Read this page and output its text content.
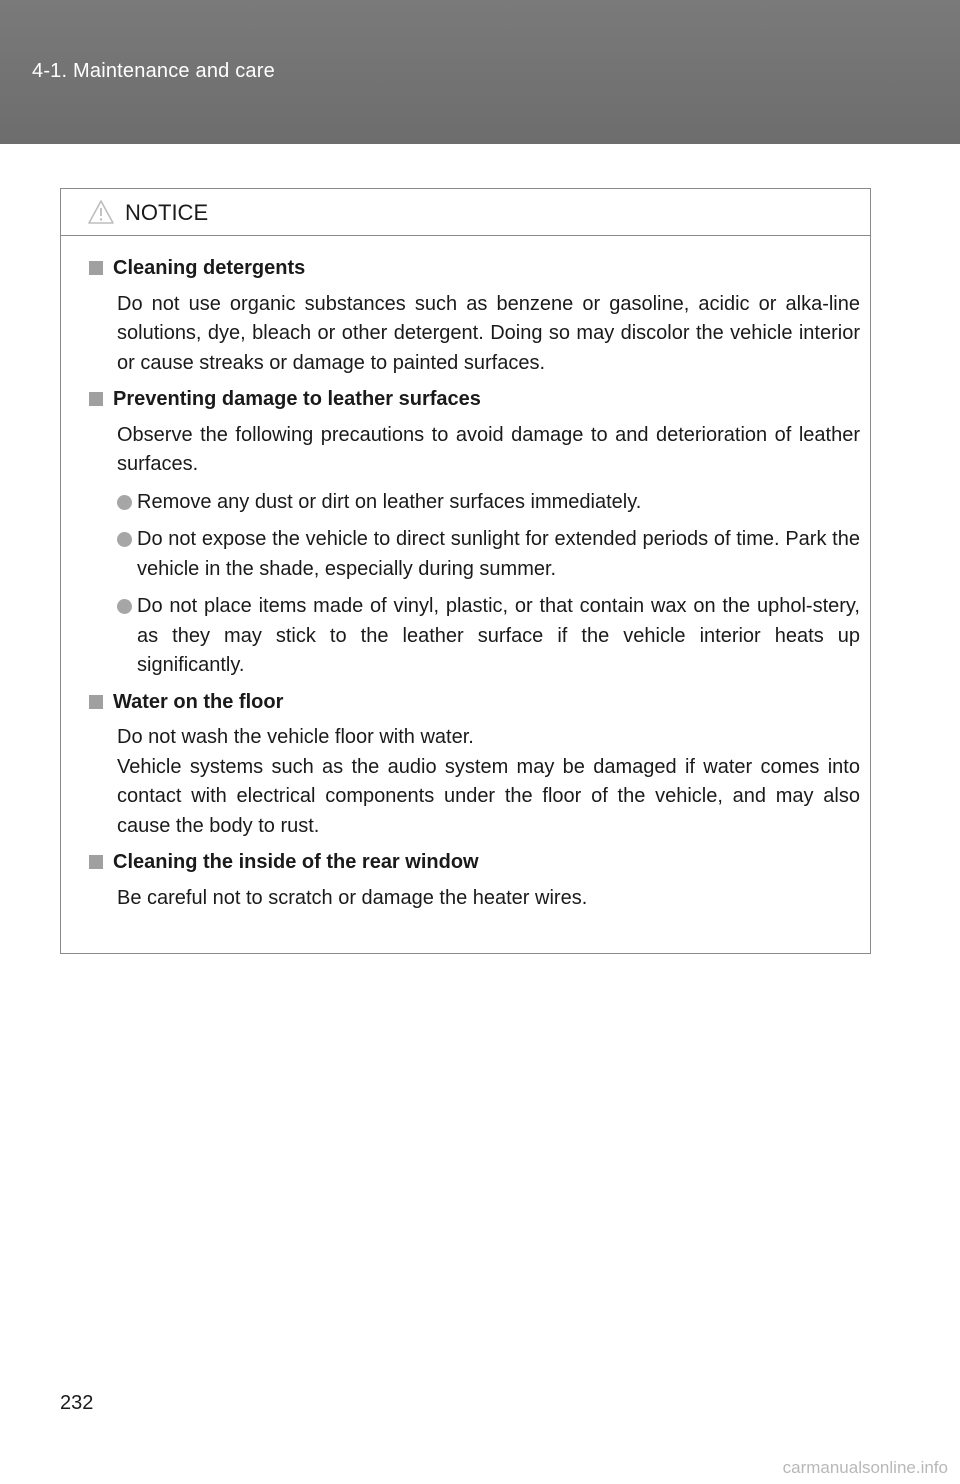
4-1. Maintenance and care
NOTICE
Cleaning detergents

Do not use organic substances such as benzene or gasoline, acidic or alka-line solutions, dye, bleach or other detergent. Doing so may discolor the vehicle interior or cause streaks or damage to painted surfaces.

Preventing damage to leather surfaces

Observe the following precautions to avoid damage to and deterioration of leather surfaces.

Remove any dust or dirt on leather surfaces immediately.
Do not expose the vehicle to direct sunlight for extended periods of time. Park the vehicle in the shade, especially during summer.
Do not place items made of vinyl, plastic, or that contain wax on the uphol-stery, as they may stick to the leather surface if the vehicle interior heats up significantly.
Water on the floor

Do not wash the vehicle floor with water.

Vehicle systems such as the audio system may be damaged if water comes into contact with electrical components under the floor of the vehicle, and may also cause the body to rust.

Cleaning the inside of the rear window

Be careful not to scratch or damage the heater wires.

232
carmanualsonline.info
